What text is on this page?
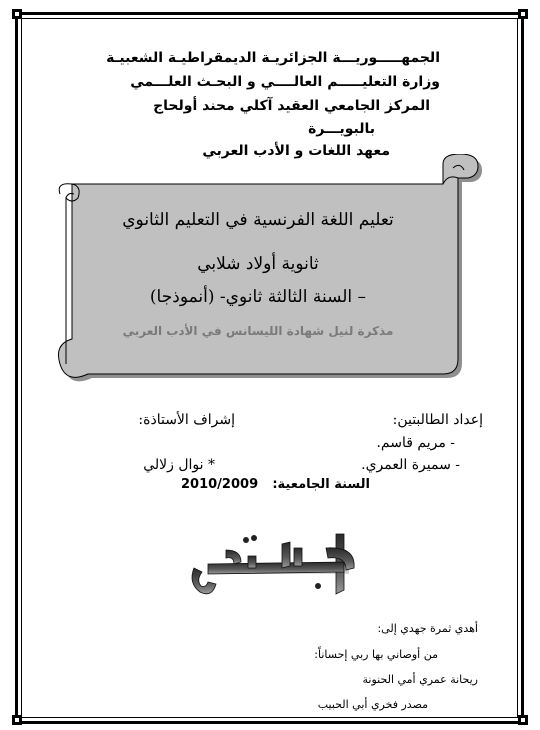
الجمهـــــوريـــة الجزائريـة الديمقراطيـة الشعبيـة
وزارة التعليـــــم العالــــي و البحـث العلـــمي
المركز الجامعي العقيد آكلي محند أولحاج
بالبويـــرة
معهد اللغات و الأدب العربي
تعليم اللغة الفرنسية في التعليم الثانوي
ثانوية أولاد شلابي
– السنة الثالثة ثانوي- (أنموذجا)
مذكرة لنيل شهادة الليسانس في الأدب العربي
إعداد الطالبتين:
إشراف الأستاذة:
- مريم قاسم.
- سميرة العمري.
* نوال زلالي
السنة الجامعية:
2010/2009
أهدي ثمرة جهدي إلى:
من أوصاني بها ربي إحساناً:
ريحانة عمري أمي الحنونة
مصدر فخري أبي الحبيب
